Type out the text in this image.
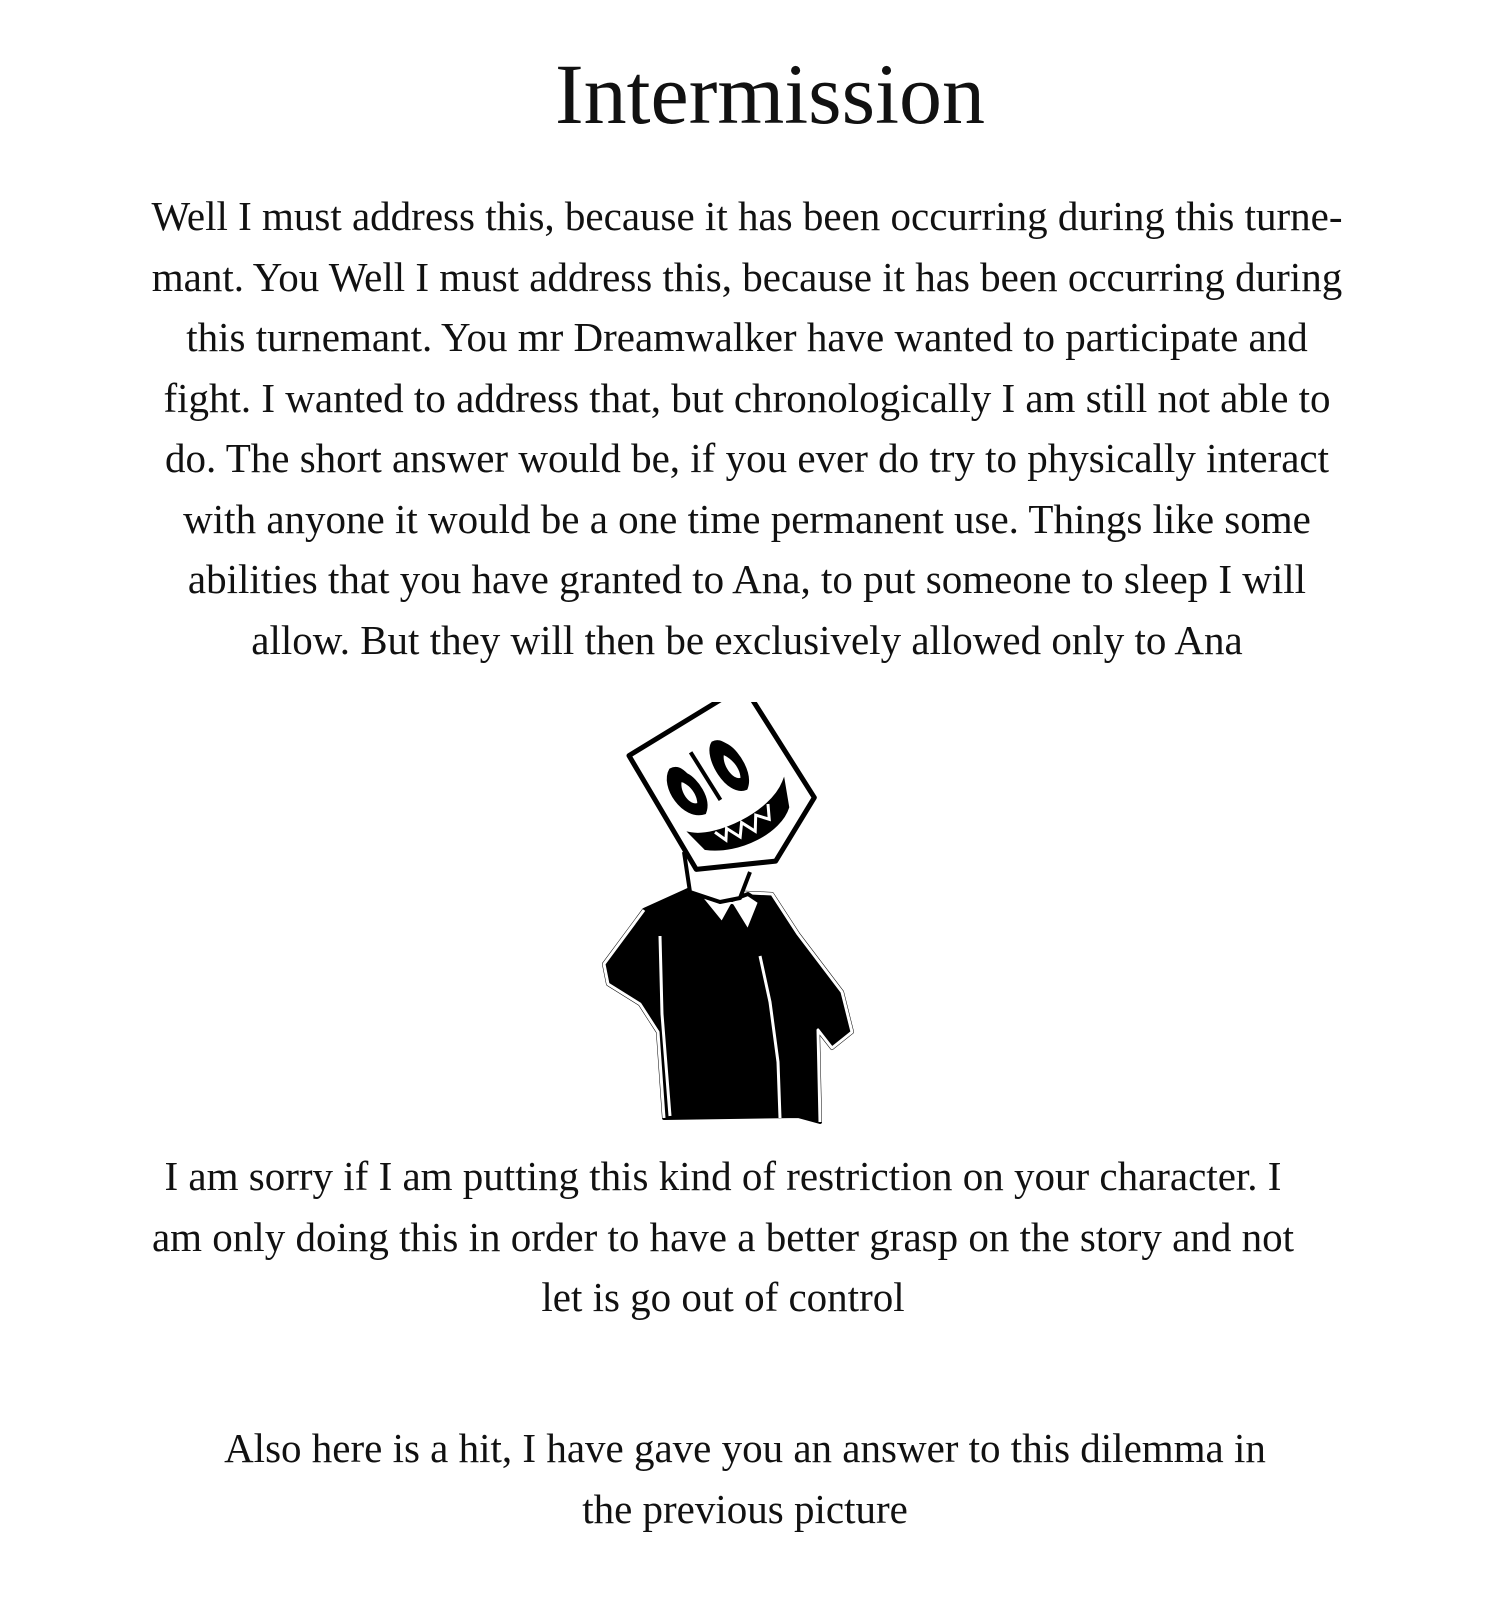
Intermission
Well I must address this, because it has been occurring during this turne-
mant. You Well I must address this, because it has been occurring during
this turnemant. You mr Dreamwalker have wanted to participate and
fight. I wanted to address that, but chronologically I am still not able to
do. The short answer would be, if you ever do try to physically interact
with anyone it would be a one time permanent use. Things like some
abilities that you have granted to Ana, to put someone to sleep I will
allow. But they will then be exclusively allowed only to Ana
I am sorry if I am putting this kind of restriction on your character. I
am only doing this in order to have a better grasp on the story and not
let is go out of control
Also here is a hit, I have gave you an answer to this dilemma in
the previous picture
